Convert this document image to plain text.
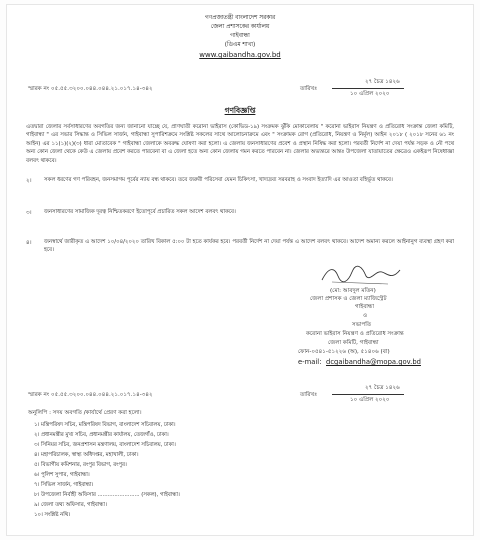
গণপ্রজাতন্ত্রী বাংলাদেশ সরকার
জেলা প্রশাসকের কার্যালয়
গাইবান্ধা
(ডিএম শাখা)
www.gaibandha.gov.bd
স্মারক নং ০৫.৫৫.৩২০০.০৪৪.০৪৪.২১.০১৭.১৪-৩৪২	তারিখঃ
২৭ চৈত্র ১৪২৬
১০ এপ্রিল ২০২০
গণবিজ্ঞপ্তি
এতদ্বারা জেলার সর্বসাধারণের অবগতির জন্য জানানো যাচ্ছে যে, প্রাণঘাতী করোনা ভাইরাস (কোভিড-১৯) সংক্রমক ঝুঁকি মোকাবেলায় " করোনা ভাইরাস নিয়ন্ত্রণ ও প্রতিরোধ সংক্রান্ত জেলা কমিটি, গাইবান্ধা " এর সভার সিদ্ধান্ত ও সিভিল সার্জন, গাইবান্ধা সুপারিশক্রমে সংশ্লিষ্ট সকলের সাথে আলোচনাক্রমে এবং " সংক্রামক রোগ (প্রতিরোধ, নিয়ন্ত্রণ ও নির্মূল) আইন ২০১৮ ( ২০১৮ সনের ৬১ নং আইন) এর ১১(১)(২)(৩) ধারা মোতাবেক " গাইবান্ধা জেলাকে অবরুদ্ধ ঘোষণা করা হলো। এ জেলায় জনসাধারণের প্রবেশ ও প্রস্থান নিষিদ্ধ করা হলো। পরবর্তী নির্দেশ না দেয়া পর্যন্ত সড়ক ও নৌ পথে অন্য কোন জেলা থেকে কেউ এ জেলায় প্রবেশ করতে পারবেনা বা এ জেলা হতে অন্য কোন জেলায় গমন করতে পারবেন না। জেলার অভ্যন্তরে আন্তঃ উপজেলা যাতায়াতের ক্ষেত্রেও একইরূপ নিষেধাজ্ঞা বলবৎ থাকবে।
২। সকল ধরণের গণ পরিবহন, জনসমাগম পূর্বের ন্যায় বন্ধ থাকবে। তবে জরুরী পরিসেবা যেমন চিকিৎসা, খাদ্যদ্রব্য সরবরাহ ও সংবাদ ইত্যাদি এর আওতা বহির্ভূত থাকবে।
৩। জনসাধারণের সামাজিক দূরত্ব নিশ্চিতকরণে ইতোপূর্বে প্রচারিত সকল আদেশ বলবৎ থাকবে।
৪। জনস্বার্থে জারীকৃত এ আদেশ ১০/০৪/২০২০ তারিখ বিকাল ৫:০০ টা হতে কার্যকর হবে। পরবর্তী নির্দেশ না দেয়া পর্যন্ত এ আদেশ বলবৎ থাকবে। আদেশ অমান্য করলে আইনানুগ ব্যবস্থা গ্রহণ করা হবে।
(মো: আবদুল মতিন)
জেলা প্রশাসক ও জেলা ম্যাজিস্ট্রেট
গাইবান্ধা
ও
সভাপতি
করোনা ভাইরাস নিয়ন্ত্রণ ও প্রতিরোধ সংক্রান্ত
জেলা কমিটি, গাইবান্ধা
ফোন-০৫৪১-৫১২২৬ (অ), ৫১৪০৬ (বা)
e-mail: dcgaibandha@mopa.gov.bd
স্মারক নং ০৫.৫৫.৩২০০.০৪৪.০৪৪.২১.০১৭.১৪-৩৪২	তারিখঃ
২৭ চৈত্র ১৪২৬
১০ এপ্রিল ২০২০
অনুলিপি : সদয় অবগতি /কার্যার্থে প্রেরণ করা হলো।
১। মন্ত্রিপরিষদ সচিব, মন্ত্রিপরিষদ বিভাগ, বাংলাদেশ সচিবালয়, ঢাকা।
২। প্রধানমন্ত্রীর মুখ্য সচিব, প্রধানমন্ত্রীর কার্যালয়, তেজগাঁও, ঢাকা।
৩। সিনিয়র সচিব, জনপ্রশাসন মন্ত্রণালয়, বাংলাদেশ সচিবালয়, ঢাকা।
৪। মহাপরিচালক, স্বাস্থ্য অধিদপ্তর, মহাখালী, ঢাকা।
৫। বিভাগীয় কমিশনার, রংপুর বিভাগ, রংপুর।
৬। পুলিশ সুপার, গাইবান্ধা।
৭। সিভিল সার্জন, গাইবান্ধা।
৮। উপজেলা নির্বাহী অফিসার ......................... (সকল), গাইবান্ধা।
৯। জেলা তথ্য অফিসার, গাইবান্ধা।
১০। সংশ্লিষ্ট নথি।
